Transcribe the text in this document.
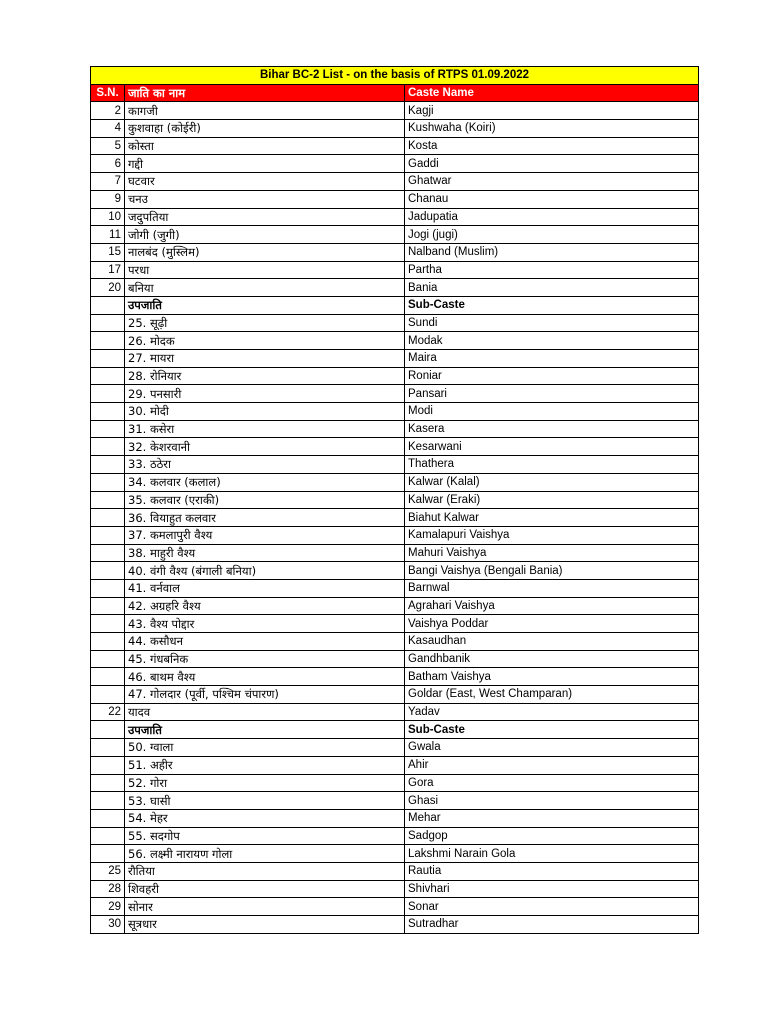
Bihar BC-2 List - on the basis of RTPS 01.09.2022		
S.N.	जाति का नाम	Caste Name
2	कागजी	Kagji
4	कुशवाहा (कोईरी)	Kushwaha (Koiri)
5	कोस्ता	Kosta
6	गद्दी	Gaddi
7	घटवार	Ghatwar
9	चनउ	Chanau
10	जदुपतिया	Jadupatia
11	जोगी (जुगी)	Jogi (jugi)
15	नालबंद (मुस्लिम)	Nalband (Muslim)
17	परधा	Partha
20	बनिया	Bania
	उपजाति	Sub-Caste
	25. सूढ़ी	Sundi
	26. मोदक	Modak
	27. मायरा	Maira
	28. रोनियार	Roniar
	29. पनसारी	Pansari
	30. मोदी	Modi
	31. कसेरा	Kasera
	32. केशरवानी	Kesarwani
	33. ठठेरा	Thathera
	34. कलवार (कलाल)	Kalwar (Kalal)
	35. कलवार (एराकी)	Kalwar (Eraki)
	36. वियाहुत कलवार	Biahut Kalwar
	37. कमलापुरी वैश्य	Kamalapuri Vaishya
	38. माहुरी वैश्य	Mahuri Vaishya
	40. वंगी वैश्य (बंगाली बनिया)	Bangi Vaishya (Bengali Bania)
	41. वर्नवाल	Barnwal
	42. अग्रहरि वैश्य	Agrahari Vaishya
	43. वैश्य पोद्दार	Vaishya Poddar
	44. कसौधन	Kasaudhan
	45. गंधबनिक	Gandhbanik
	46. बाथम वैश्य	Batham Vaishya
	47. गोलदार (पूर्वी, पश्चिम चंपारण)	Goldar (East, West Champaran)
22	यादव	Yadav
	उपजाति	Sub-Caste
	50. ग्वाला	Gwala
	51. अहीर	Ahir
	52. गोरा	Gora
	53. घासी	Ghasi
	54. मेहर	Mehar
	55. सदगोप	Sadgop
	56. लक्ष्मी नारायण गोला	Lakshmi Narain Gola
25	रौतिया	Rautia
28	शिवहरी	Shivhari
29	सोनार	Sonar
30	सूत्रधार	Sutradhar
